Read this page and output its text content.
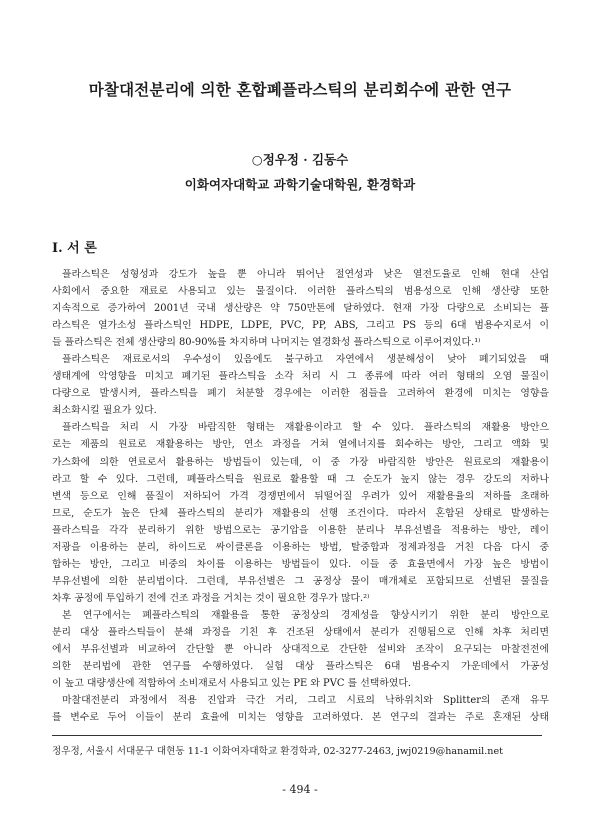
마찰대전분리에 의한 혼합폐플라스틱의 분리회수에 관한 연구
○정우정 · 김동수
이화여자대학교 과학기술대학원, 환경학과
I. 서 론
플라스틱은 성형성과 강도가 높을 뿐 아니라 뛰어난 절연성과 낮은 열전도율로 인해 현대 산업
사회에서 중요한 재료로 사용되고 있는 물질이다. 이러한 플라스틱의 범용성으로 인해 생산량 또한
지속적으로 증가하여 2001년 국내 생산량은 약 750만톤에 달하였다. 현재 가장 다량으로 소비되는 플
라스틱은 열가소성 플라스틱인 HDPE, LDPE, PVC, PP, ABS, 그리고 PS 등의 6대 범용수지로서 이
들 플라스틱은 전체 생산량의 80-90%를 차지하며 나머지는 열경화성 플라스틱으로 이루어져있다.¹⁾
플라스틱은 재료로서의 우수성이 있음에도 불구하고 자연에서 생분해성이 낮아 폐기되었을 때
생태계에 악영향을 미치고 폐기된 플라스틱을 소각 처리 시 그 종류에 따라 여러 형태의 오염 물질이
다량으로 발생시켜, 플라스틱을 폐기 처분할 경우에는 이러한 점들을 고려하여 환경에 미치는 영향을
최소화시킬 필요가 있다.
플라스틱을 처리 시 가장 바람직한 형태는 재활용이라고 할 수 있다. 플라스틱의 재활용 방안으
로는 제품의 원료로 재활용하는 방안, 연소 과정을 거쳐 열에너지를 회수하는 방안, 그리고 액화 및
가스화에 의한 연료로서 활용하는 방법들이 있는데, 이 중 가장 바람직한 방안은 원료로의 재활용이
라고 할 수 있다. 그런데, 폐플라스틱을 원료로 활용할 때 그 순도가 높지 않는 경우 강도의 저하나
변색 등으로 인해 품질이 저하되어 가격 경쟁면에서 뒤떨어질 우려가 있어 재활용율의 저하를 초래하
므로, 순도가 높은 단체 플라스틱의 분리가 재활용의 선행 조건이다. 따라서 혼합된 상태로 발생하는
플라스틱을 각각 분리하기 위한 방법으로는 공기압을 이용한 분리나 부유선별을 적용하는 방안, 레이
저광을 이용하는 분리, 하이드로 싸이클론을 이용하는 방법, 탈중합과 정제과정을 거친 다음 다시 중
합하는 방안, 그리고 비중의 차이를 이용하는 방법들이 있다. 이들 중 효율면에서 가장 높은 방법이
부유선별에 의한 분리법이다. 그런데, 부유선별은 그 공정상 물이 매개체로 포함되므로 선별된 물질을
차후 공정에 투입하기 전에 건조 과정을 거치는 것이 필요한 경우가 많다.²⁾
본 연구에서는 폐플라스틱의 재활용을 통한 공정상의 경제성을 향상시키기 위한 분리 방안으로
분리 대상 플라스틱들이 분쇄 과정을 기친 후 건조된 상태에서 분리가 진행됨으로 인해 차후 처리면
에서 부유선별과 비교하여 간단할 뿐 아니라 상대적으로 간단한 설비와 조작이 요구되는 마찰전전에
의한 분리법에 관한 연구를 수행하였다. 실험 대상 플라스틱은 6대 범용수지 가운데에서 가공성
이 높고 대량생산에 적합하여 소비재로서 사용되고 있는 PE 와 PVC 를 선택하였다.
마찰대전분리 과정에서 적용 진압과 극간 거리, 그리고 시료의 낙하위치와 Splitter의 존재 유무
를 변수로 두어 이들이 분리 효율에 미치는 영향을 고려하였다. 본 연구의 결과는 주로 혼재된 상태
정우정, 서울시 서대문구 대현동 11-1 이화여자대학교 환경학과, 02-3277-2463, jwj0219@hanamil.net
- 494 -
